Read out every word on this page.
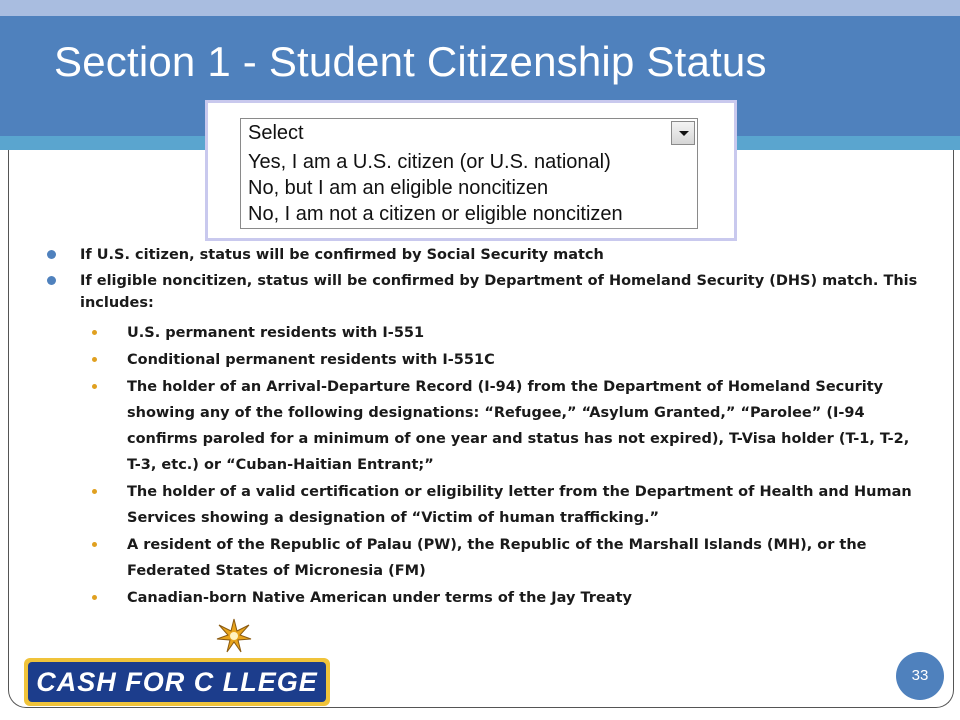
Section 1 - Student Citizenship Status
Select
Yes, I am a U.S. citizen (or U.S. national)
No, but I am an eligible noncitizen
No, I am not a citizen or eligible noncitizen
If U.S. citizen, status will be confirmed by Social Security match
If eligible noncitizen, status will be confirmed by Department of Homeland Security (DHS) match. This includes:
U.S. permanent residents with I-551
Conditional permanent residents with I-551C
The holder of an Arrival-Departure Record (I-94) from the Department of Homeland Security showing any of the following designations: “Refugee,” “Asylum Granted,” “Parolee” (I-94 confirms paroled for a minimum of one year and status has not expired), T-Visa holder (T-1, T-2, T-3, etc.) or “Cuban-Haitian Entrant;”
The holder of a valid certification or eligibility letter from the Department of Health and Human Services showing a designation of “Victim of human trafficking.”
A resident of the Republic of Palau (PW), the Republic of the Marshall Islands (MH), or the Federated States of Micronesia (FM)
Canadian-born Native American under terms of the Jay Treaty
CASH FOR C LLEGE	33
